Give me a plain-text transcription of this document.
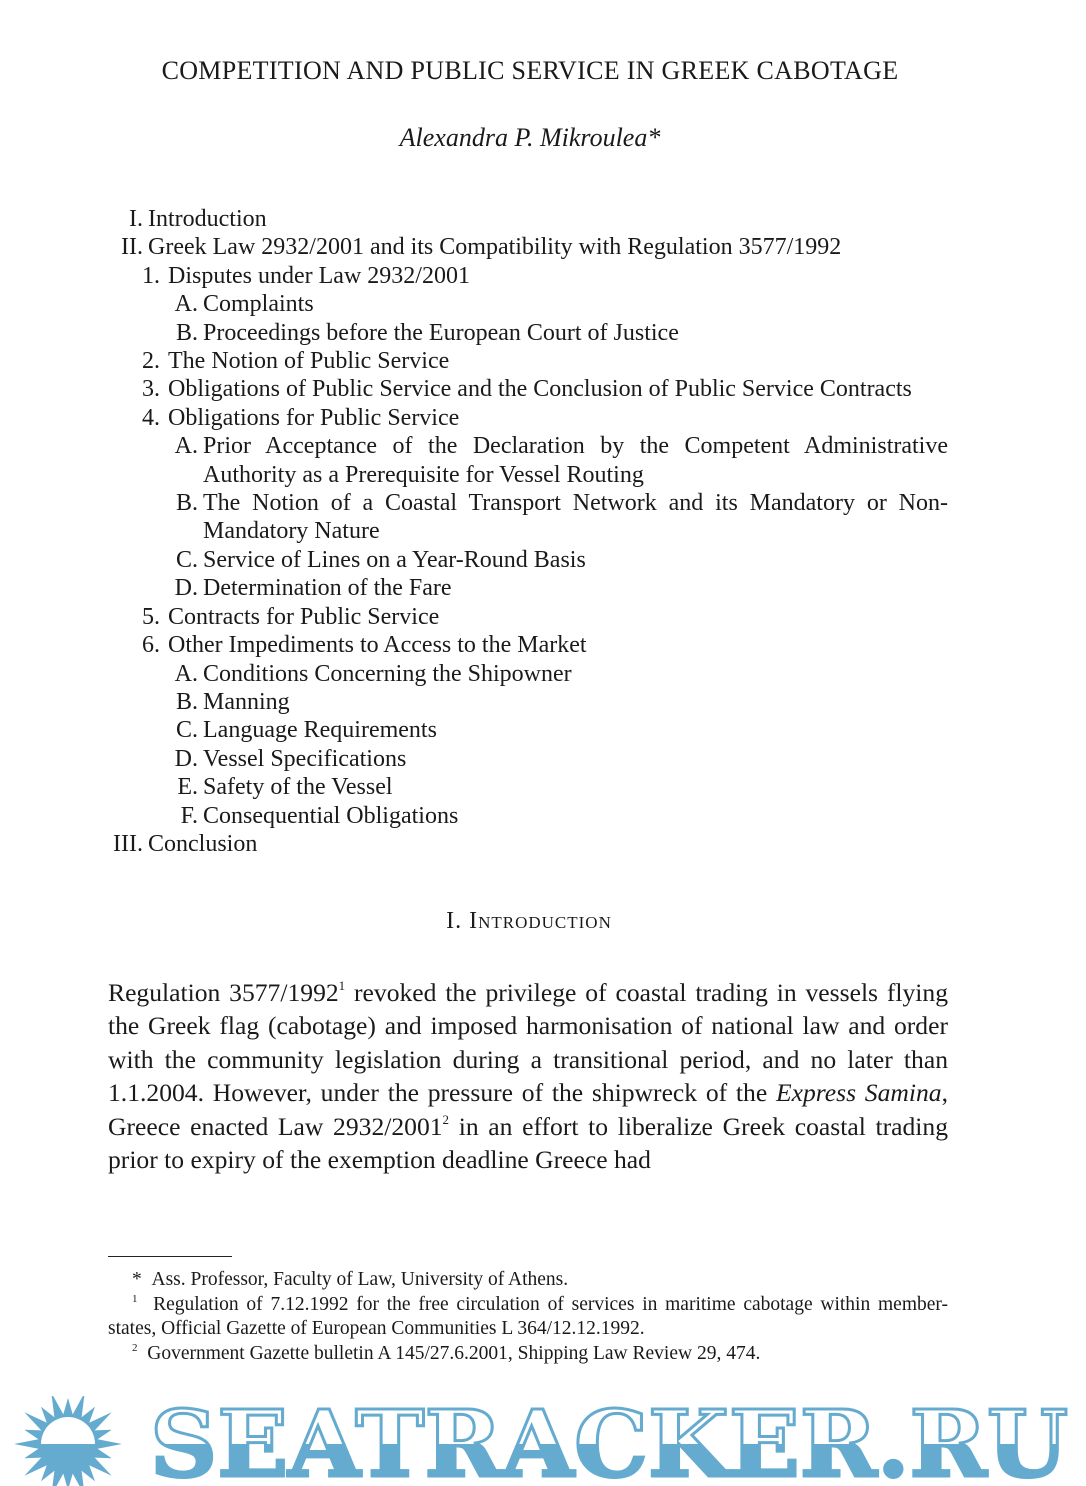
COMPETITION AND PUBLIC SERVICE IN GREEK CABOTAGE
Alexandra P. Mikroulea*
I. Introduction
II. Greek Law 2932/2001 and its Compatibility with Regulation 3577/1992
1. Disputes under Law 2932/2001
A. Complaints
B. Proceedings before the European Court of Justice
2. The Notion of Public Service
3. Obligations of Public Service and the Conclusion of Public Service Contracts
4. Obligations for Public Service
A. Prior Acceptance of the Declaration by the Competent Administrative Authority as a Prerequisite for Vessel Routing
B. The Notion of a Coastal Transport Network and its Mandatory or Non-Mandatory Nature
C. Service of Lines on a Year-Round Basis
D. Determination of the Fare
5. Contracts for Public Service
6. Other Impediments to Access to the Market
A. Conditions Concerning the Shipowner
B. Manning
C. Language Requirements
D. Vessel Specifications
E. Safety of the Vessel
F. Consequential Obligations
III. Conclusion
I. Introduction
Regulation 3577/1992$^1$ revoked the privilege of coastal trading in vessels flying the Greek flag (cabotage) and imposed harmonisation of national law and order with the community legislation during a transitional period, and no later than 1.1.2004. However, under the pressure of the shipwreck of the Express Samina, Greece enacted Law 2932/2001$^2$ in an effort to liberalize Greek coastal trading prior to expiry of the exemption deadline Greece had
* Ass. Professor, Faculty of Law, University of Athens.
$^1$ Regulation of 7.12.1992 for the free circulation of services in maritime cabotage within member-states, Official Gazette of European Communities L 364/12.12.1992.
$^2$ Government Gazette bulletin A 145/27.6.2001, Shipping Law Review 29, 474.
SEATRACKER.RU
